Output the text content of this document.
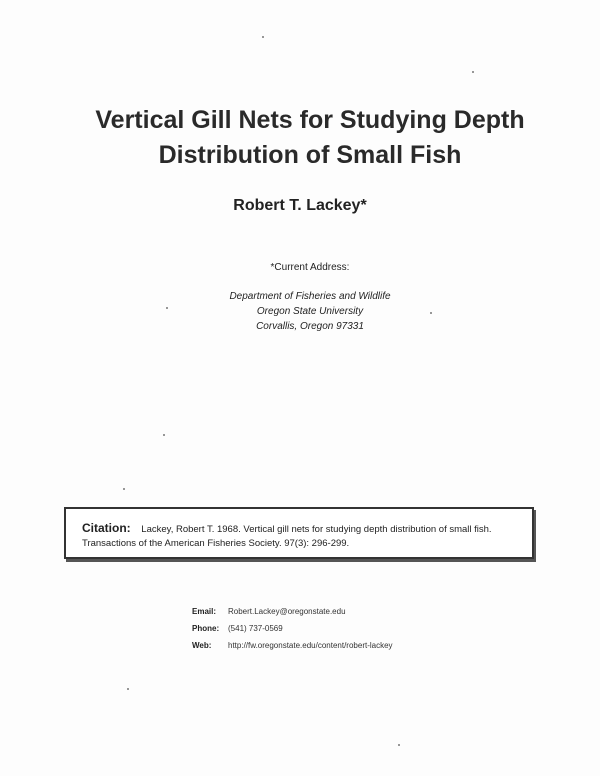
Vertical Gill Nets for Studying Depth
Distribution of Small Fish
Robert T. Lackey*
*Current Address:
Department of Fisheries and Wildlife
Oregon State University
Corvallis, Oregon 97331
Citation: Lackey, Robert T. 1968. Vertical gill nets for studying depth distribution of small fish. Transactions of the American Fisheries Society. 97(3): 296-299.
Email:	Robert.Lackey@oregonstate.edu
Phone:	(541) 737-0569
Web:	http://fw.oregonstate.edu/content/robert-lackey
